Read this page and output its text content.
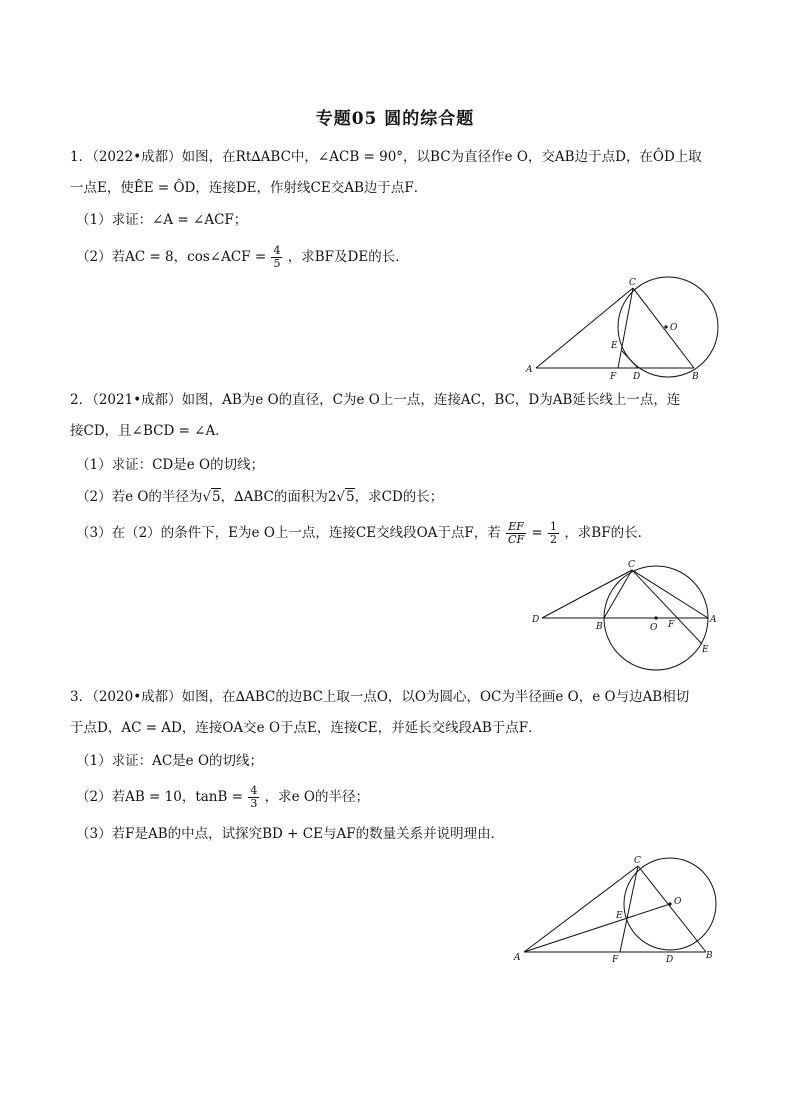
专题05 圆的综合题
1．（2022•成都）如图，在Rt∆ABC中，∠ACB = 90°，以BC为直径作e O，交AB边于点D，在ÔD上取
一点E，使ÊE = ÔD，连接DE，作射线CE交AB边于点F．
（1）求证：∠A = ∠ACF；
（2）若AC = 8，cos∠ACF = $\frac{4}{5}$ ，求BF及DE的长．
C
O
E
A
F D	B
2．（2021•成都）如图，AB为e O的直径，C为e O上一点，连接AC，BC，D为AB延长线上一点，连
接CD，且∠BCD = ∠A．
（1）求证：CD是e O的切线；
（2）若e O的半径为√5，∆ABC的面积为2√5，求CD的长；
（3）在（2）的条件下，E为e O上一点，连接CE交线段OA于点F，若 $\frac{EF}{CF} = \frac{1}{2}$ ，求BF的长．
C
D
B	O F	A
E
3．（2020•成都）如图，在∆ABC的边BC上取一点O，以O为圆心，OC为半径画e O，e O与边AB相切
于点D，AC = AD，连接OA交e O于点E，连接CE，并延长交线段AB于点F．
（1）求证：AC是e O的切线；
（2）若AB = 10，$\tan B = \frac{4}{3}$ ，求e O的半径；
（3）若F是AB的中点，试探究BD + CE与AF的数量关系并说明理由．
C
O
E
A	F	D	B
